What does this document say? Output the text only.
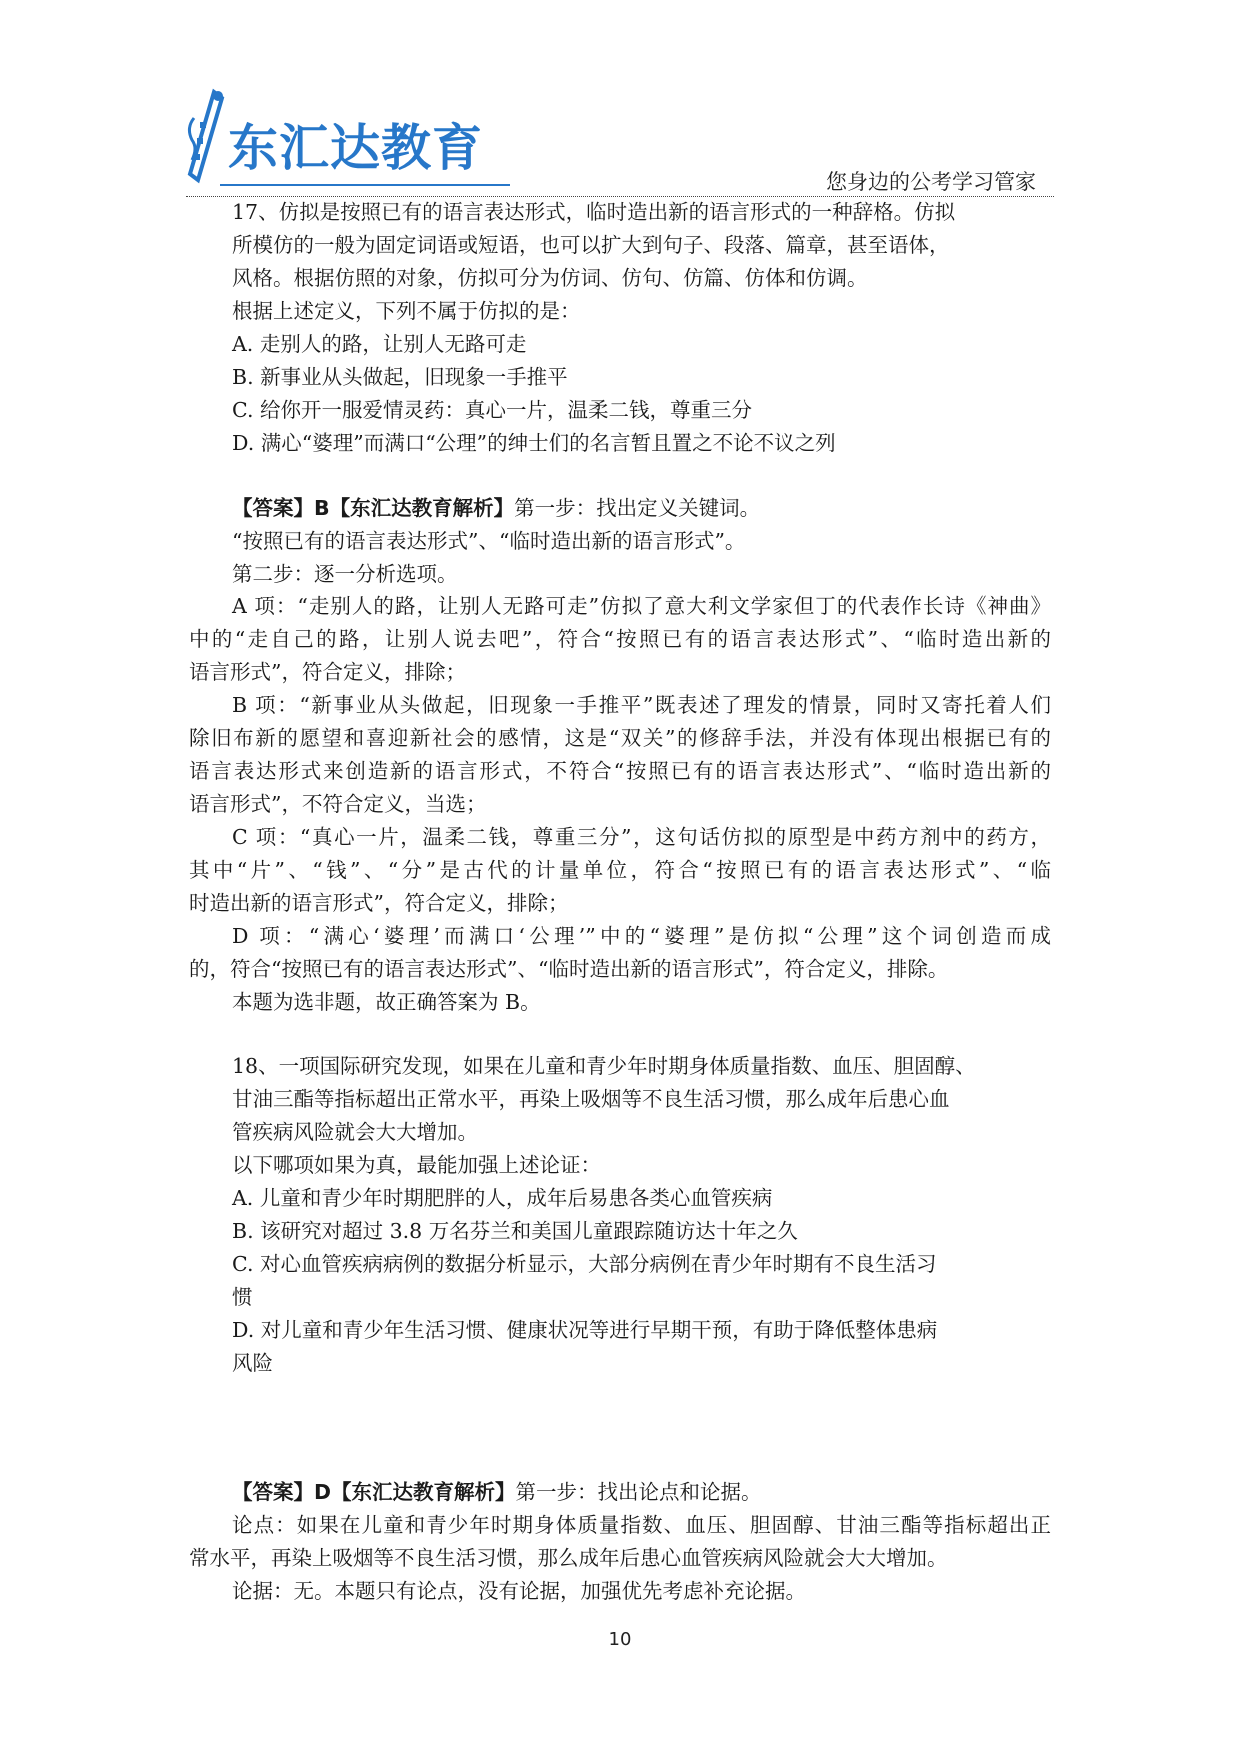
东汇达教育
您身边的公考学习管家
17、仿拟是按照已有的语言表达形式，临时造出新的语言形式的一种辞格。仿拟
所模仿的一般为固定词语或短语，也可以扩大到句子、段落、篇章，甚至语体，
风格。根据仿照的对象，仿拟可分为仿词、仿句、仿篇、仿体和仿调。
根据上述定义，下列不属于仿拟的是：
A. 走别人的路，让别人无路可走
B. 新事业从头做起，旧现象一手推平
C. 给你开一服爱情灵药：真心一片，温柔二钱，尊重三分
D. 满心“婆理”而满口“公理”的绅士们的名言暂且置之不论不议之列
【答案】B【东汇达教育解析】第一步：找出定义关键词。
“按照已有的语言表达形式”、“临时造出新的语言形式”。
第二步：逐一分析选项。
A 项：“走别人的路，让别人无路可走”仿拟了意大利文学家但丁的代表作长诗《神曲》
中的“走自己的路，让别人说去吧”，符合“按照已有的语言表达形式”、“临时造出新的
语言形式”，符合定义，排除；
B 项：“新事业从头做起，旧现象一手推平”既表述了理发的情景，同时又寄托着人们
除旧布新的愿望和喜迎新社会的感情，这是“双关”的修辞手法，并没有体现出根据已有的
语言表达形式来创造新的语言形式，不符合“按照已有的语言表达形式”、“临时造出新的
语言形式”，不符合定义，当选；
C 项：“真心一片，温柔二钱，尊重三分”，这句话仿拟的原型是中药方剂中的药方，
其中“片”、“钱”、“分”是古代的计量单位，符合“按照已有的语言表达形式”、“临
时造出新的语言形式”，符合定义，排除；
D 项：“满心‘婆理’而满口‘公理’”中的“婆理”是仿拟“公理”这个词创造而成
的，符合“按照已有的语言表达形式”、“临时造出新的语言形式”，符合定义，排除。
本题为选非题，故正确答案为 B。
18、一项国际研究发现，如果在儿童和青少年时期身体质量指数、血压、胆固醇、
甘油三酯等指标超出正常水平，再染上吸烟等不良生活习惯，那么成年后患心血
管疾病风险就会大大增加。
以下哪项如果为真，最能加强上述论证：
A. 儿童和青少年时期肥胖的人，成年后易患各类心血管疾病
B. 该研究对超过 3.8 万名芬兰和美国儿童跟踪随访达十年之久
C. 对心血管疾病病例的数据分析显示，大部分病例在青少年时期有不良生活习
惯
D. 对儿童和青少年生活习惯、健康状况等进行早期干预，有助于降低整体患病
风险
【答案】D【东汇达教育解析】第一步：找出论点和论据。
论点：如果在儿童和青少年时期身体质量指数、血压、胆固醇、甘油三酯等指标超出正
常水平，再染上吸烟等不良生活习惯，那么成年后患心血管疾病风险就会大大增加。
论据：无。本题只有论点，没有论据，加强优先考虑补充论据。
10
